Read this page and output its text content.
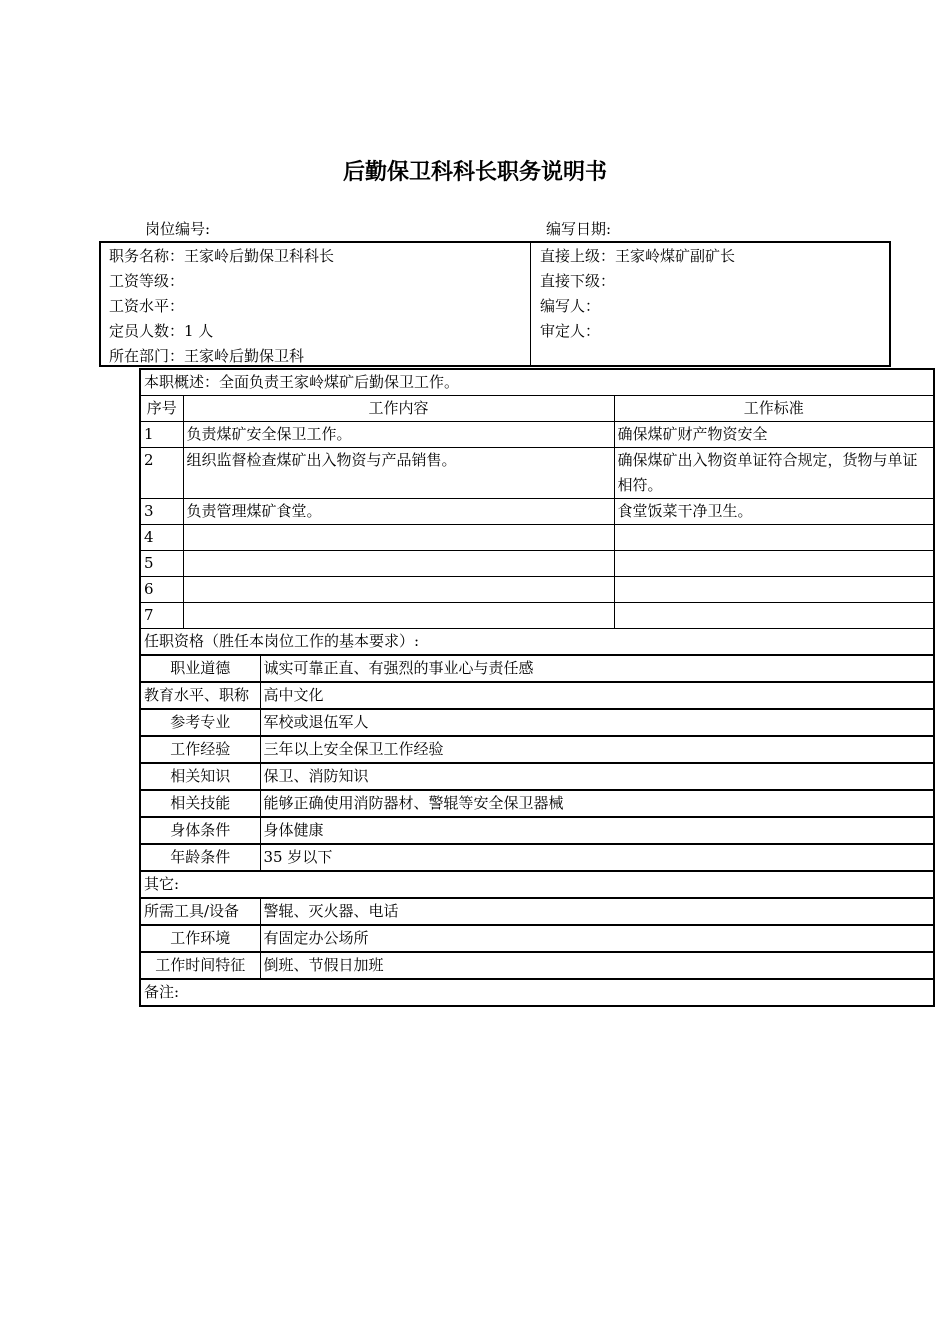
后勤保卫科科长职务说明书
岗位编号:	编写日期:
职务名称：王家岭后勤保卫科科长
工资等级：
工资水平：
定员人数：1 人
所在部门：王家岭后勤保卫科
直接上级：王家岭煤矿副矿长
直接下级：
编写人：
审定人：
本职概述：全面负责王家岭煤矿后勤保卫工作。			
序号	工作内容		工作标准
1	负责煤矿安全保卫工作。		确保煤矿财产物资安全
2	组织监督检查煤矿出入物资与产品销售。		确保煤矿出入物资单证符合规定，货物与单证相符。
3	负责管理煤矿食堂。		食堂饭菜干净卫生。
4			
5			
6			
7			
任职资格（胜任本岗位工作的基本要求）:			
职业道德		诚实可靠正直、有强烈的事业心与责任感	
教育水平、职称		高中文化	
参考专业		军校或退伍军人	
工作经验		三年以上安全保卫工作经验	
相关知识		保卫、消防知识	
相关技能		能够正确使用消防器材、警辊等安全保卫器械	
身体条件		身体健康	
年龄条件		35 岁以下	
其它:			
所需工具/设备		警辊、灭火器、电话	
工作环境		有固定办公场所	
工作时间特征		倒班、节假日加班	
备注:			
